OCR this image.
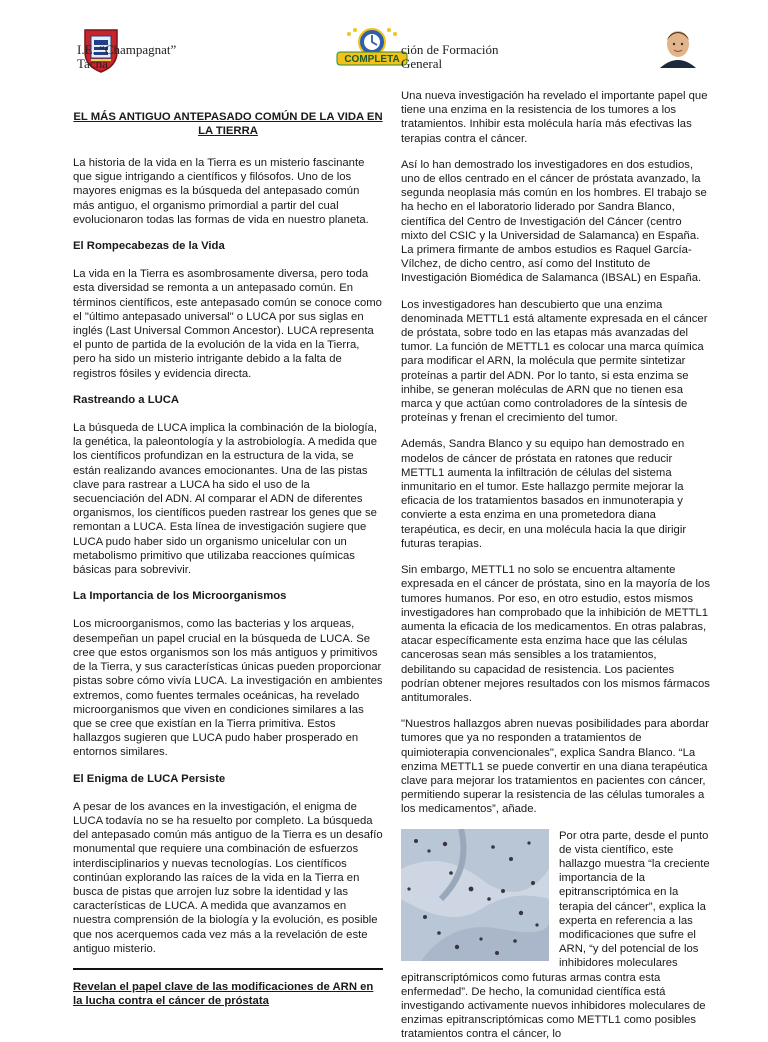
I.E. “Champagnat”
Tacna	COMPLETA
ción de Formación
General
EL MÁS ANTIGUO ANTEPASADO COMÚN DE LA VIDA EN LA TIERRA

La historia de la vida en la Tierra es un misterio fascinante que sigue intrigando a científicos y filósofos. Uno de los mayores enigmas es la búsqueda del antepasado común más antiguo, el organismo primordial a partir del cual evolucionaron todas las formas de vida en nuestro planeta.

El Rompecabezas de la Vida

La vida en la Tierra es asombrosamente diversa, pero toda esta diversidad se remonta a un antepasado común. En términos científicos, este antepasado común se conoce como el "último antepasado universal" o LUCA por sus siglas en inglés (Last Universal Common Ancestor). LUCA representa el punto de partida de la evolución de la vida en la Tierra, pero ha sido un misterio intrigante debido a la falta de registros fósiles y evidencia directa.

Rastreando a LUCA

La búsqueda de LUCA implica la combinación de la biología, la genética, la paleontología y la astrobiología. A medida que los científicos profundizan en la estructura de la vida, se están realizando avances emocionantes. Una de las pistas clave para rastrear a LUCA ha sido el uso de la secuenciación del ADN. Al comparar el ADN de diferentes organismos, los científicos pueden rastrear los genes que se remontan a LUCA. Esta línea de investigación sugiere que LUCA pudo haber sido un organismo unicelular con un metabolismo primitivo que utilizaba reacciones químicas básicas para sobrevivir.

La Importancia de los Microorganismos

Los microorganismos, como las bacterias y los arqueas, desempeñan un papel crucial en la búsqueda de LUCA. Se cree que estos organismos son los más antiguos y primitivos de la Tierra, y sus características únicas pueden proporcionar pistas sobre cómo vivía LUCA. La investigación en ambientes extremos, como fuentes termales oceánicas, ha revelado microorganismos que viven en condiciones similares a las que se cree que existían en la Tierra primitiva. Estos hallazgos sugieren que LUCA pudo haber prosperado en entornos similares.

El Enigma de LUCA Persiste

A pesar de los avances en la investigación, el enigma de LUCA todavía no se ha resuelto por completo. La búsqueda del antepasado común más antiguo de la Tierra es un desafío monumental que requiere una combinación de esfuerzos interdisciplinarios y nuevas tecnologías. Los científicos continúan explorando las raíces de la vida en la Tierra en busca de pistas que arrojen luz sobre la identidad y las características de LUCA. A medida que avanzamos en nuestra comprensión de la biología y la evolución, es posible que nos acerquemos cada vez más a la revelación de este antiguo misterio.

Revelan el papel clave de las modificaciones de ARN en la lucha contra el cáncer de próstata

Una nueva investigación ha revelado el importante papel que tiene una enzima en la resistencia de los tumores a los tratamientos. Inhibir esta molécula haría más efectivas las terapias contra el cáncer.

Así lo han demostrado los investigadores en dos estudios, uno de ellos centrado en el cáncer de próstata avanzado, la segunda neoplasia más común en los hombres. El trabajo se ha hecho en el laboratorio liderado por Sandra Blanco, científica del Centro de Investigación del Cáncer (centro mixto del CSIC y la Universidad de Salamanca) en España. La primera firmante de ambos estudios es Raquel García-Vílchez, de dicho centro, así como del Instituto de Investigación Biomédica de Salamanca (IBSAL) en España.

Los investigadores han descubierto que una enzima denominada METTL1 está altamente expresada en el cáncer de próstata, sobre todo en las etapas más avanzadas del tumor. La función de METTL1 es colocar una marca química para modificar el ARN, la molécula que permite sintetizar proteínas a partir del ADN. Por lo tanto, si esta enzima se inhibe, se generan moléculas de ARN que no tienen esa marca y que actúan como controladores de la síntesis de proteínas y frenan el crecimiento del tumor.

Además, Sandra Blanco y su equipo han demostrado en modelos de cáncer de próstata en ratones que reducir METTL1 aumenta la infiltración de células del sistema inmunitario en el tumor. Este hallazgo permite mejorar la eficacia de los tratamientos basados en inmunoterapia y convierte a esta enzima en una prometedora diana terapéutica, es decir, en una molécula hacia la que dirigir futuras terapias.

Sin embargo, METTL1 no solo se encuentra altamente expresada en el cáncer de próstata, sino en la mayoría de los tumores humanos. Por eso, en otro estudio, estos mismos investigadores han comprobado que la inhibición de METTL1 aumenta la eficacia de los medicamentos. En otras palabras, atacar específicamente esta enzima hace que las células cancerosas sean más sensibles a los tratamientos, debilitando su capacidad de resistencia. Los pacientes podrían obtener mejores resultados con los mismos fármacos antitumorales.

"Nuestros hallazgos abren nuevas posibilidades para abordar tumores que ya no responden a tratamientos de quimioterapia convencionales", explica Sandra Blanco. “La enzima METTL1 se puede convertir en una diana terapéutica clave para mejorar los tratamientos en pacientes con cáncer, permitiendo superar la resistencia de las células tumorales a los medicamentos”, añade.

Por otra parte, desde el punto de vista científico, este hallazgo muestra “la creciente importancia de la epitranscriptómica en la terapia del cáncer”, explica la experta en referencia a las modificaciones que sufre el ARN, “y del potencial de los inhibidores moleculares epitranscriptómicos como futuras armas contra esta enfermedad”. De hecho, la comunidad científica está investigando activamente nuevos inhibidores moleculares de enzimas epitranscriptómicas como METTL1 como posibles tratamientos contra el cáncer, lo
